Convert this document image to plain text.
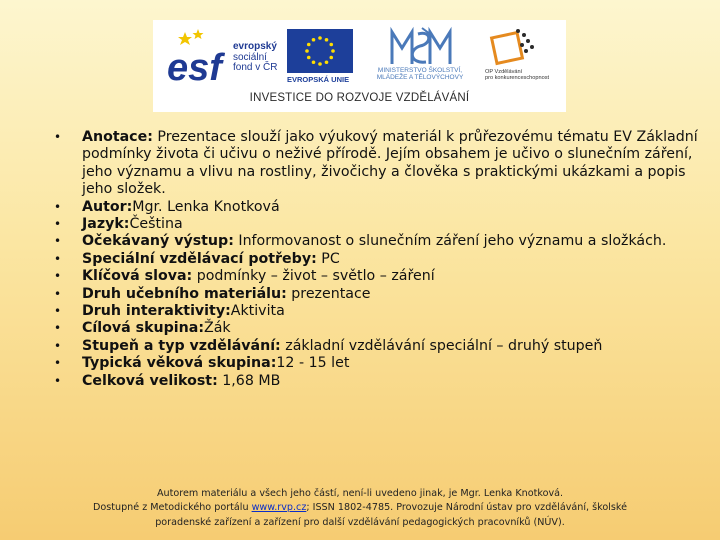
esf
evropský
sociální
fond v ČR
EVROPSKÁ UNIE
MINISTERSTVO ŠKOLSTVÍ,
MLÁDEŽE A TĚLOVÝCHOVY
OP Vzdělávání
pro konkurenceschopnost
INVESTICE DO ROZVOJE VZDĚLÁVÁNÍ
• Anotace: Prezentace slouží jako výukový materiál k průřezovému tématu EV Základní podmínky života či učivu o neživé přírodě. Jejím obsahem je učivo o slunečním záření, jeho významu a vlivu na rostliny, živočichy a člověka s praktickými ukázkami a popis jeho složek.
• Autor:Mgr. Lenka Knotková
• Jazyk:Čeština
• Očekávaný výstup: Informovanost o slunečním záření jeho významu a složkách.
• Speciální vzdělávací potřeby: PC
• Klíčová slova: podmínky – život – světlo – záření
• Druh učebního materiálu: prezentace
• Druh interaktivity:Aktivita
• Cílová skupina:Žák
• Stupeň a typ vzdělávání: základní vzdělávání speciální – druhý stupeň
• Typická věková skupina:12 - 15 let
• Celková velikost: 1,68 MB
Autorem materiálu a všech jeho částí, není-li uvedeno jinak, je Mgr. Lenka Knotková.
Dostupné z Metodického portálu www.rvp.cz; ISSN 1802-4785. Provozuje Národní ústav pro vzdělávání, školské
poradenské zařízení a zařízení pro další vzdělávání pedagogických pracovníků (NÚV).
